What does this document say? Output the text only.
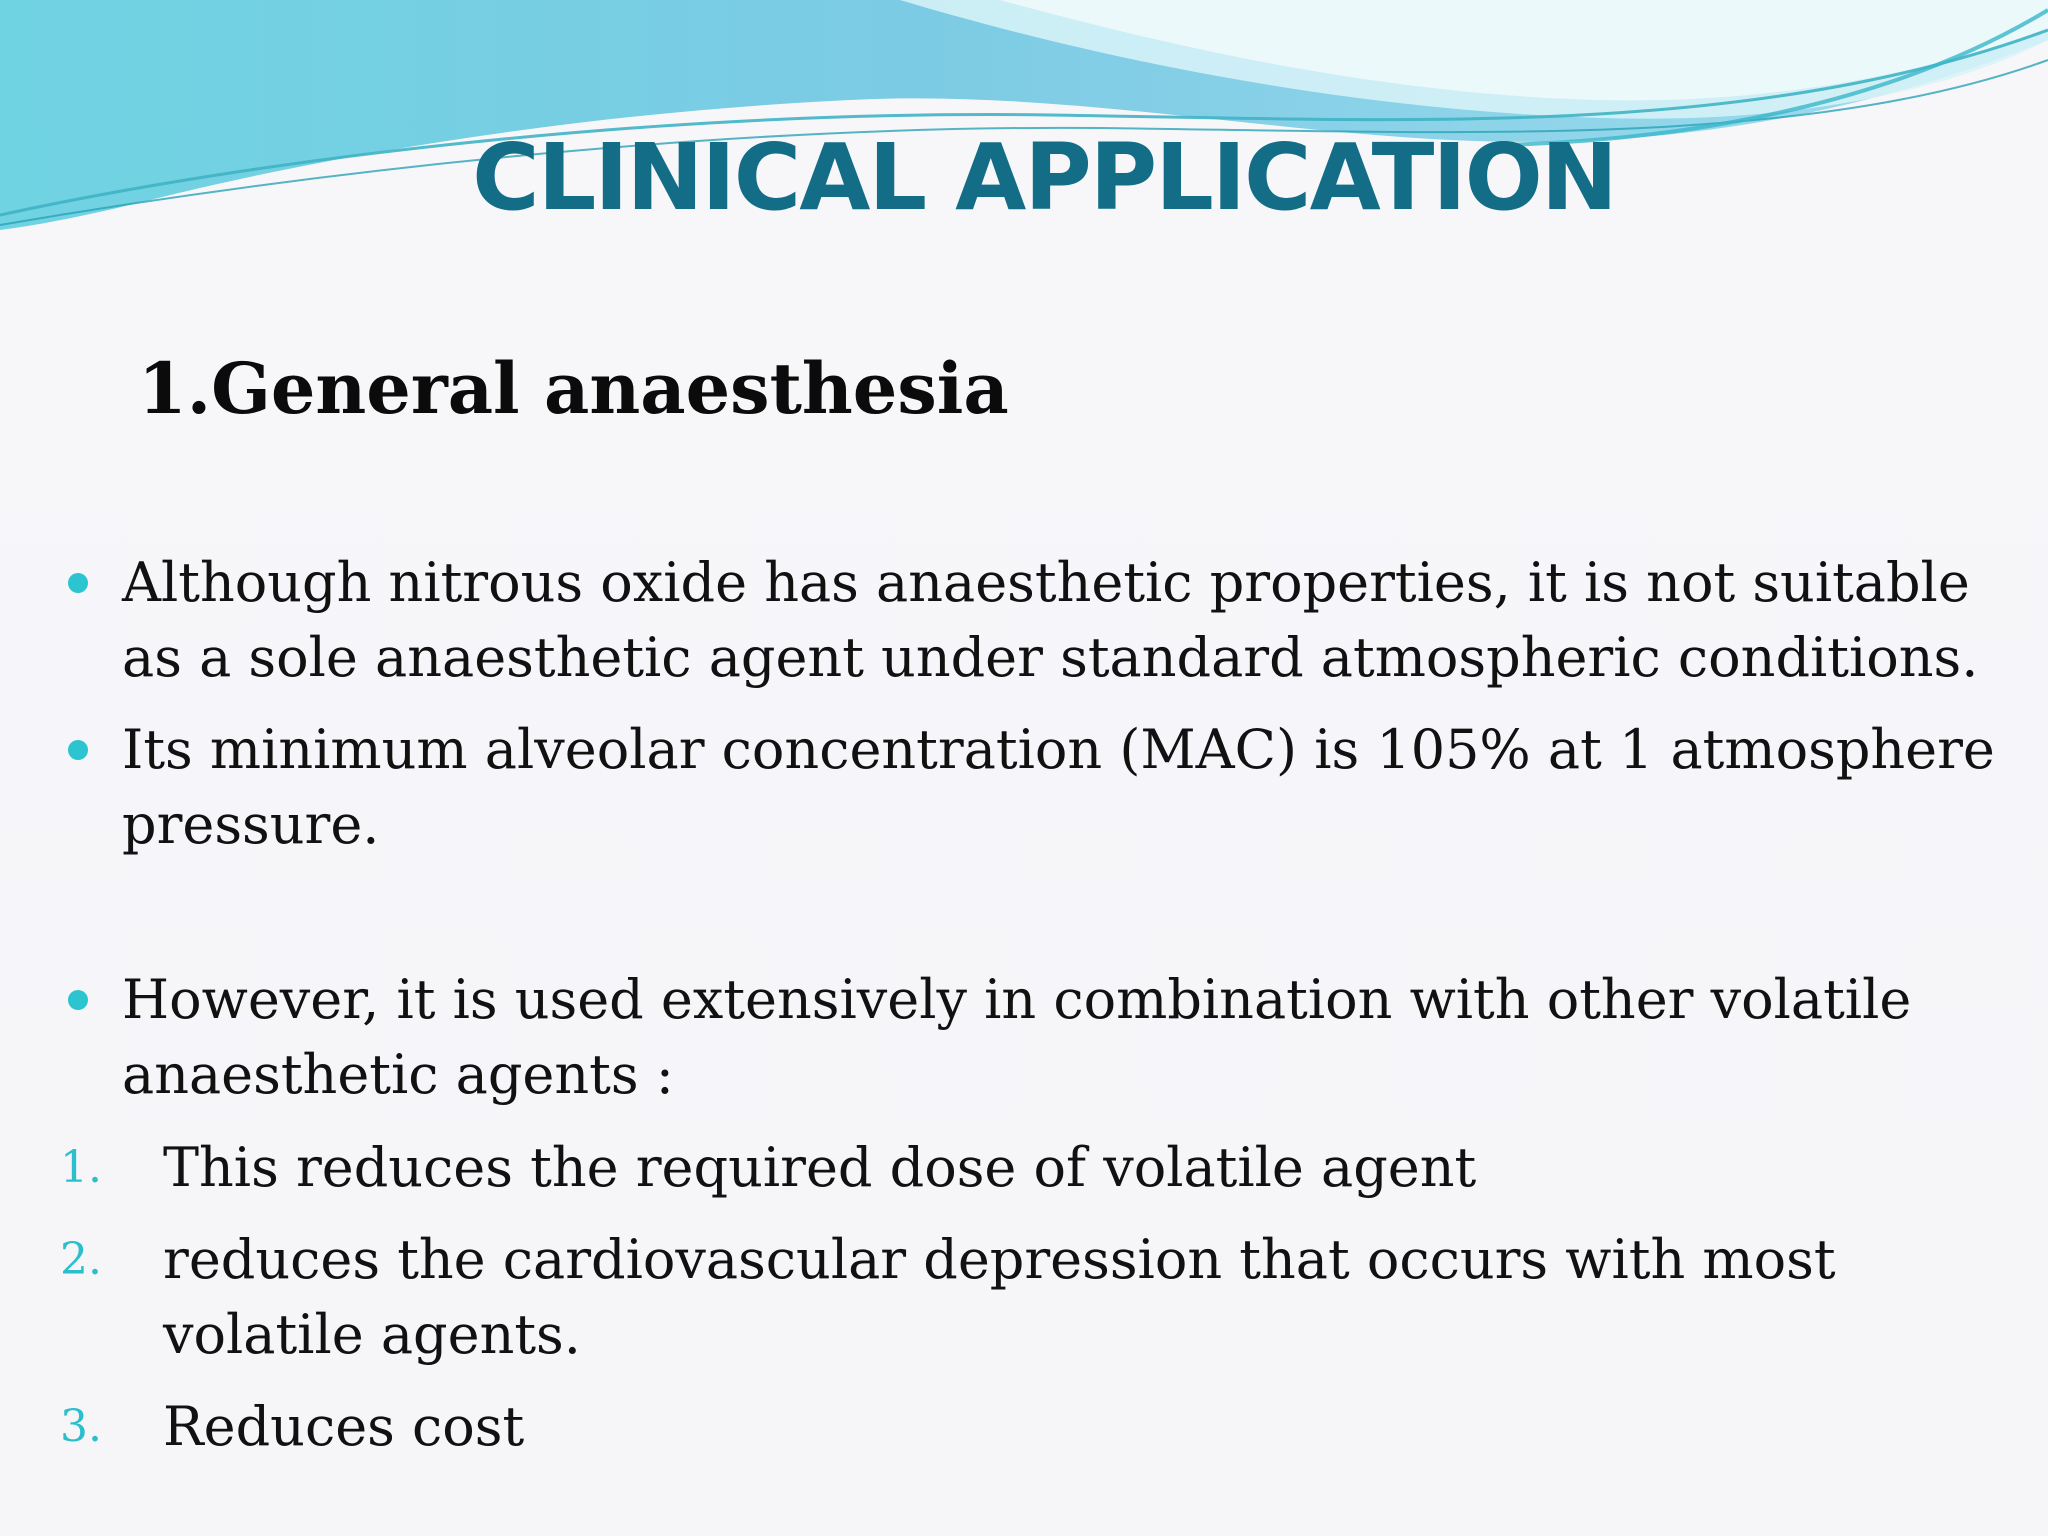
CLINICAL APPLICATION
1.General anaesthesia
Although nitrous oxide has anaesthetic properties, it is not suitable as a sole anaesthetic agent under standard atmospheric conditions.
Its minimum alveolar concentration (MAC) is 105% at 1 atmosphere pressure.
However, it is used extensively in combination with other volatile anaesthetic agents :
1. This reduces the required dose of volatile agent
2. reduces the cardiovascular depression that occurs with most volatile agents.
3. Reduces cost
